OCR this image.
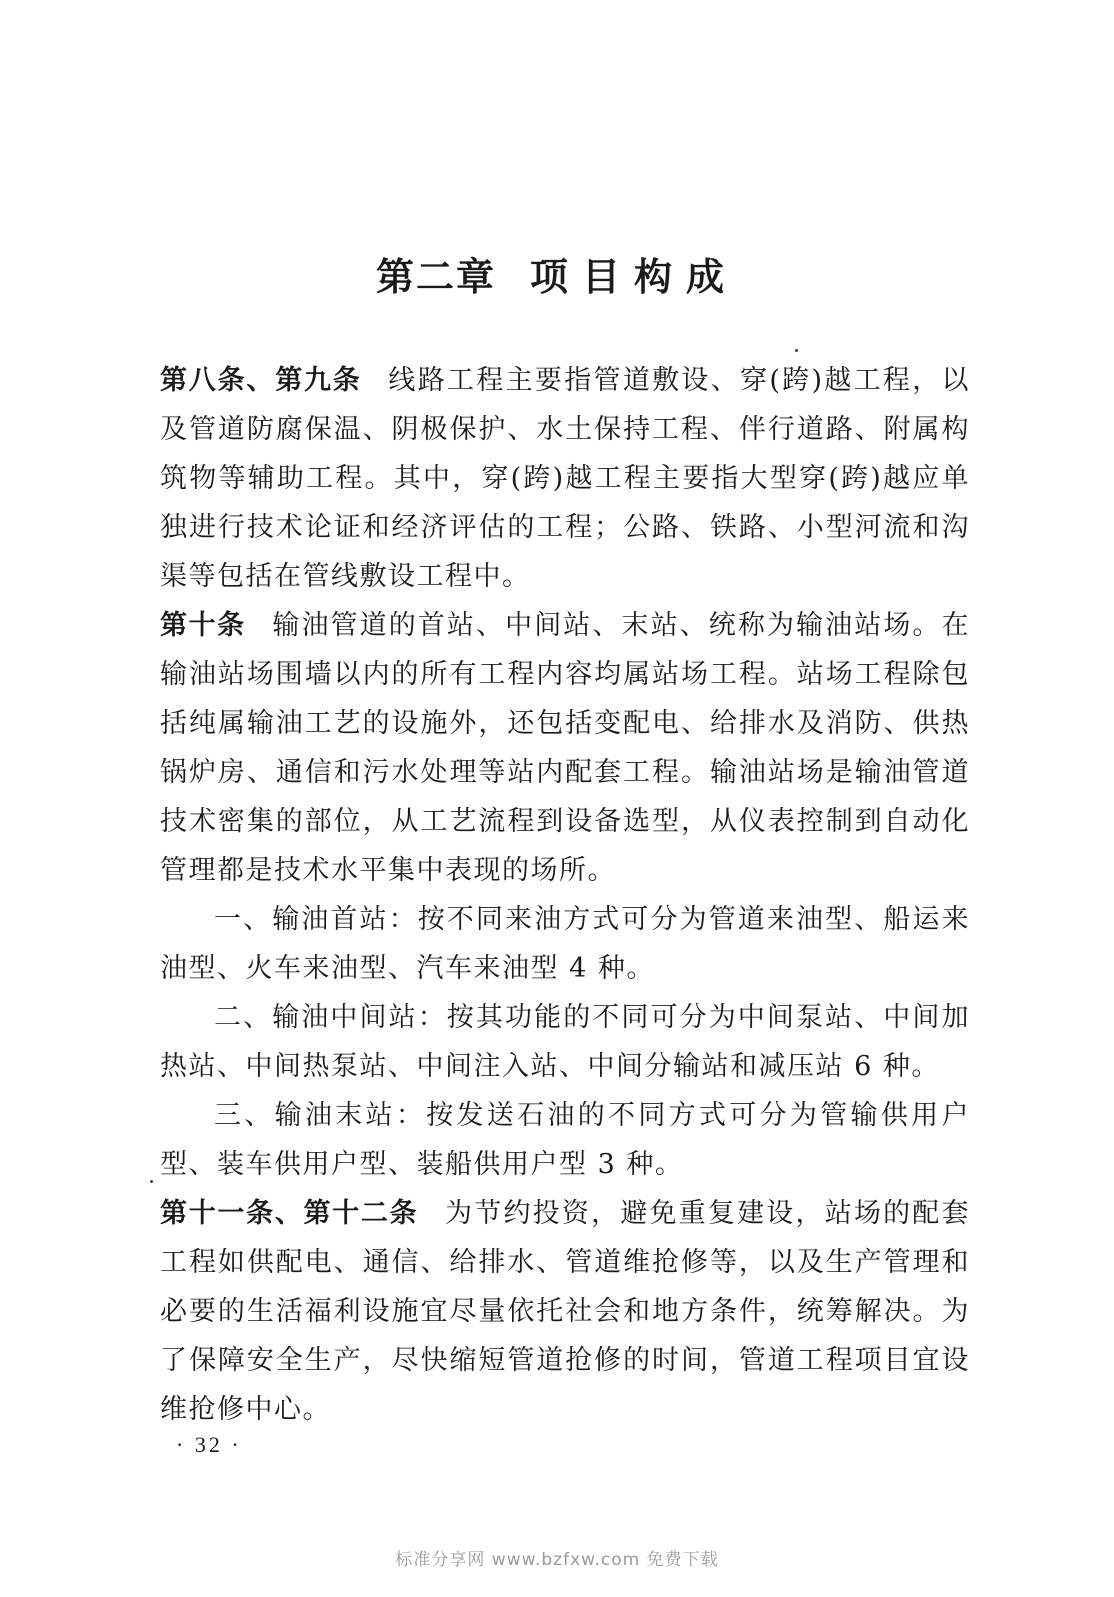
第二章 项目构成

第八条、第九条 线路工程主要指管道敷设、穿(跨)越工程，以及管道防腐保温、阴极保护、水土保持工程、伴行道路、附属构筑物等辅助工程。其中，穿(跨)越工程主要指大型穿(跨)越应单独进行技术论证和经济评估的工程；公路、铁路、小型河流和沟渠等包括在管线敷设工程中。

第十条 输油管道的首站、中间站、末站、统称为输油站场。在输油站场围墙以内的所有工程内容均属站场工程。站场工程除包括纯属输油工艺的设施外，还包括变配电、给排水及消防、供热锅炉房、通信和污水处理等站内配套工程。输油站场是输油管道技术密集的部位，从工艺流程到设备选型，从仪表控制到自动化管理都是技术水平集中表现的场所。

一、输油首站：按不同来油方式可分为管道来油型、船运来油型、火车来油型、汽车来油型 4 种。

二、输油中间站：按其功能的不同可分为中间泵站、中间加热站、中间热泵站、中间注入站、中间分输站和减压站 6 种。

三、输油末站：按发送石油的不同方式可分为管输供用户型、装车供用户型、装船供用户型 3 种。

第十一条、第十二条 为节约投资，避免重复建设，站场的配套工程如供配电、通信、给排水、管道维抢修等，以及生产管理和必要的生活福利设施宜尽量依托社会和地方条件，统筹解决。为了保障安全生产，尽快缩短管道抢修的时间，管道工程项目宜设维抢修中心。

· 32 ·
标准分享网 www.bzfxw.com 免费下载
